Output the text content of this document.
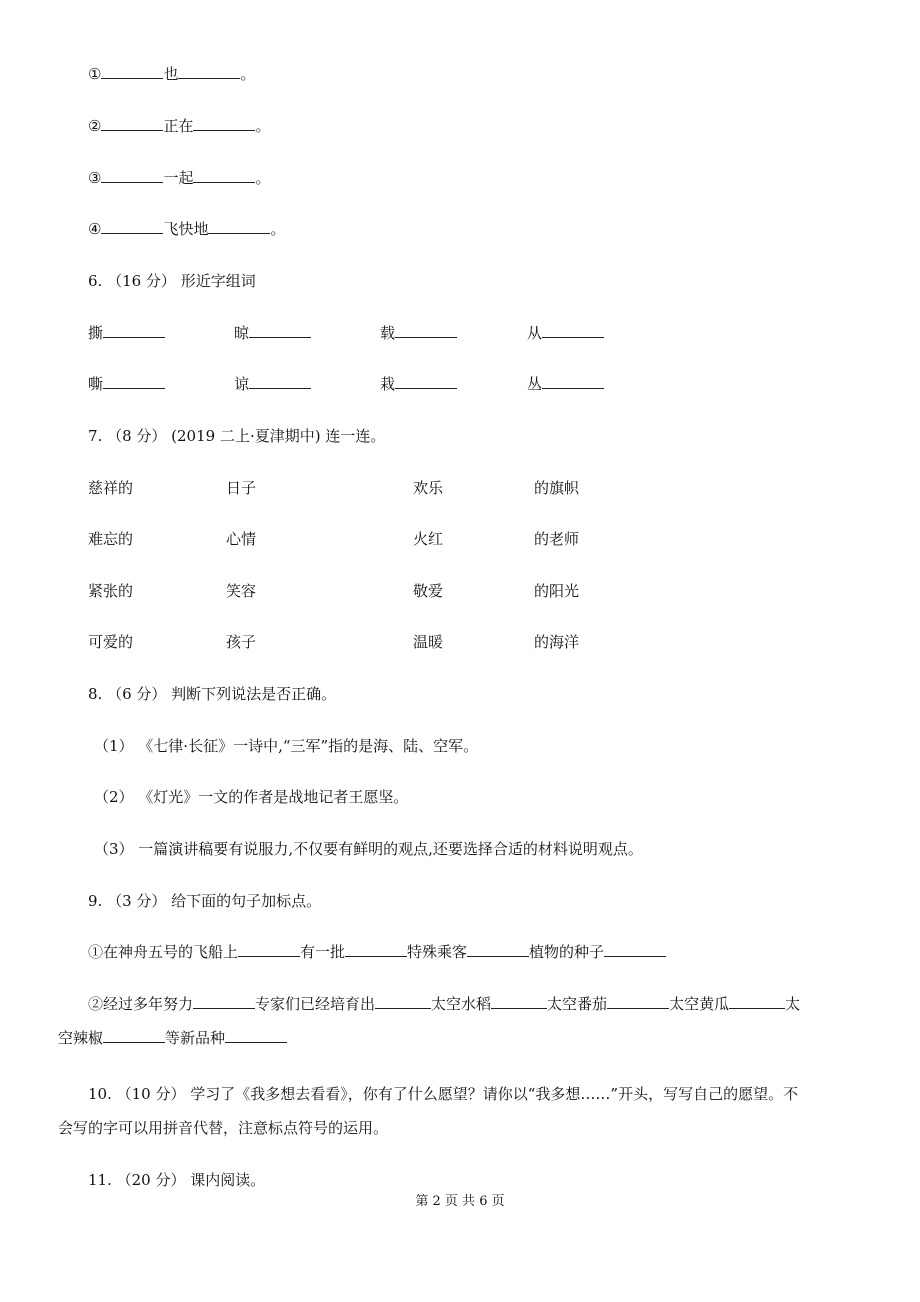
①	也	。
②	正在	。
③	一起	。
④	飞快地	。
6. （16 分） 形近字组词
撕	晾	载	从
嘶	谅	栽	丛
7. （8 分） (2019 二上·夏津期中) 连一连。
慈祥的	日子	欢乐	的旗帜
难忘的	心情	火红	的老师
紧张的	笑容	敬爱	的阳光
可爱的	孩子	温暖	的海洋
8. （6 分） 判断下列说法是否正确。
（1） 《七律·长征》一诗中,“三军”指的是海、陆、空军。
（2） 《灯光》一文的作者是战地记者王愿坚。
（3） 一篇演讲稿要有说服力,不仅要有鲜明的观点,还要选择合适的材料说明观点。
9. （3 分） 给下面的句子加标点。
①在神舟五号的飞船上	有一批	特殊乘客	植物的种子
②经过多年努力	专家们已经培育出	太空水稻	太空番茄	太空黄瓜	太
空辣椒	等新品种
10. （10 分） 学习了《我多想去看看》，你有了什么愿望？请你以“我多想……”开头，写写自己的愿望。不
会写的字可以用拼音代替，注意标点符号的运用。
11. （20 分） 课内阅读。
第 2 页 共 6 页
